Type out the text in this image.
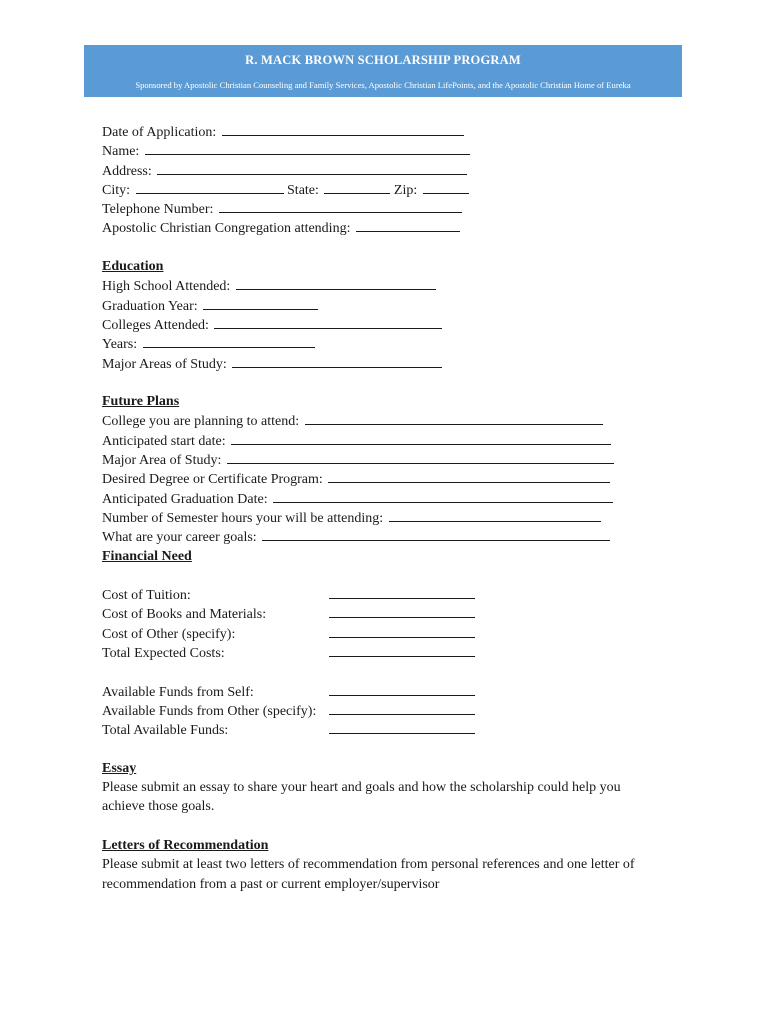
R. MACK BROWN SCHOLARSHIP PROGRAM
Sponsored by Apostolic Christian Counseling and Family Services, Apostolic Christian LifePoints, and the Apostolic Christian Home of Eureka
Date of Application:
Name:
Address:
City:	State:	Zip:
Telephone Number:
Apostolic Christian Congregation attending:
Education
High School Attended:
Graduation Year:
Colleges Attended:
Years:
Major Areas of Study:
Future Plans
College you are planning to attend:
Anticipated start date:
Major Area of Study:
Desired Degree or Certificate Program:
Anticipated Graduation Date:
Number of Semester hours your will be attending:
What are your career goals:
Financial Need
Cost of Tuition:
Cost of Books and Materials:
Cost of Other (specify):
Total Expected Costs:
Available Funds from Self:
Available Funds from Other (specify):
Total Available Funds:
Essay
Please submit an essay to share your heart and goals and how the scholarship could help you achieve those goals.
Letters of Recommendation
Please submit at least two letters of recommendation from personal references and one letter of recommendation from a past or current employer/supervisor
